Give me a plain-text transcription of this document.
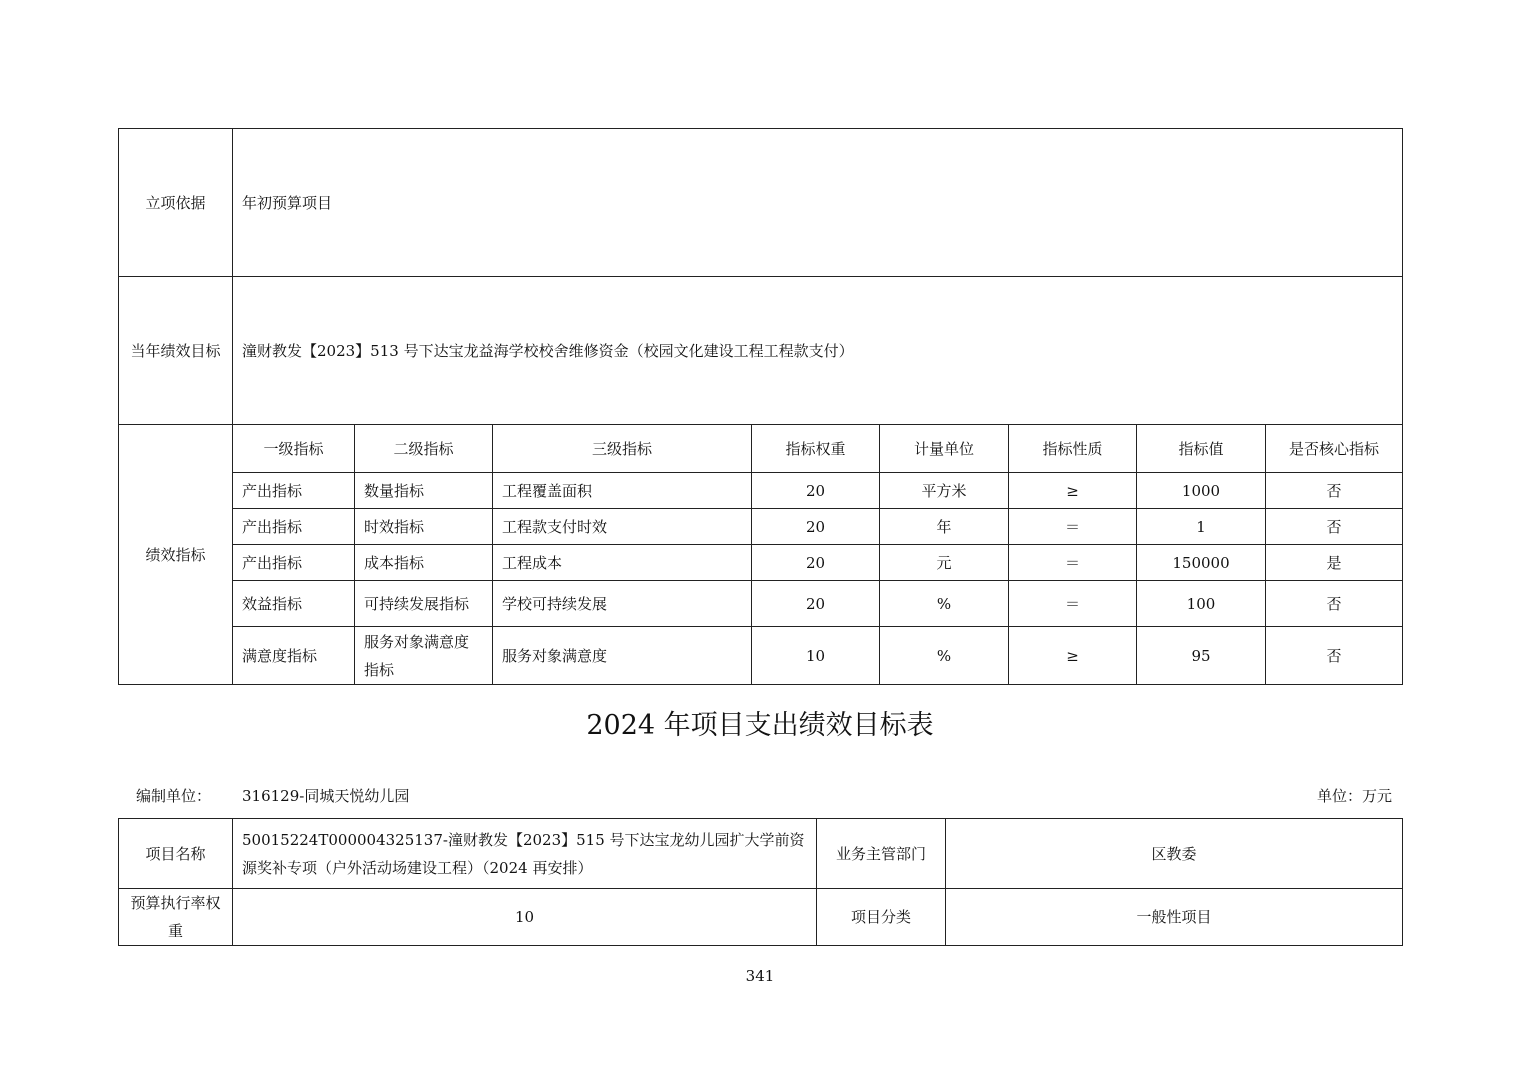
立项依据	年初预算项目							
当年绩效目标	潼财教发【2023】513 号下达宝龙益海学校校舍维修资金（校园文化建设工程工程款支付）							
绩效指标	一级指标	二级指标	三级指标	指标权重	计量单位	指标性质	指标值	是否核心指标
	产出指标	数量指标	工程覆盖面积	20	平方米	≥	1000	否
	产出指标	时效指标	工程款支付时效	20	年	＝	1	否
	产出指标	成本指标	工程成本	20	元	＝	150000	是
	效益指标	可持续发展指标	学校可持续发展	20	%	＝	100	否
	满意度指标	服务对象满意度指标	服务对象满意度	10	%	≥	95	否
2024 年项目支出绩效目标表
编制单位： 316129-同城天悦幼儿园	单位：万元
项目名称	50015224T000004325137-潼财教发【2023】515 号下达宝龙幼儿园扩大学前资源奖补专项（户外活动场建设工程）（2024 再安排）	业务主管部门	区教委
预算执行率权重	10	项目分类	一般性项目
341
